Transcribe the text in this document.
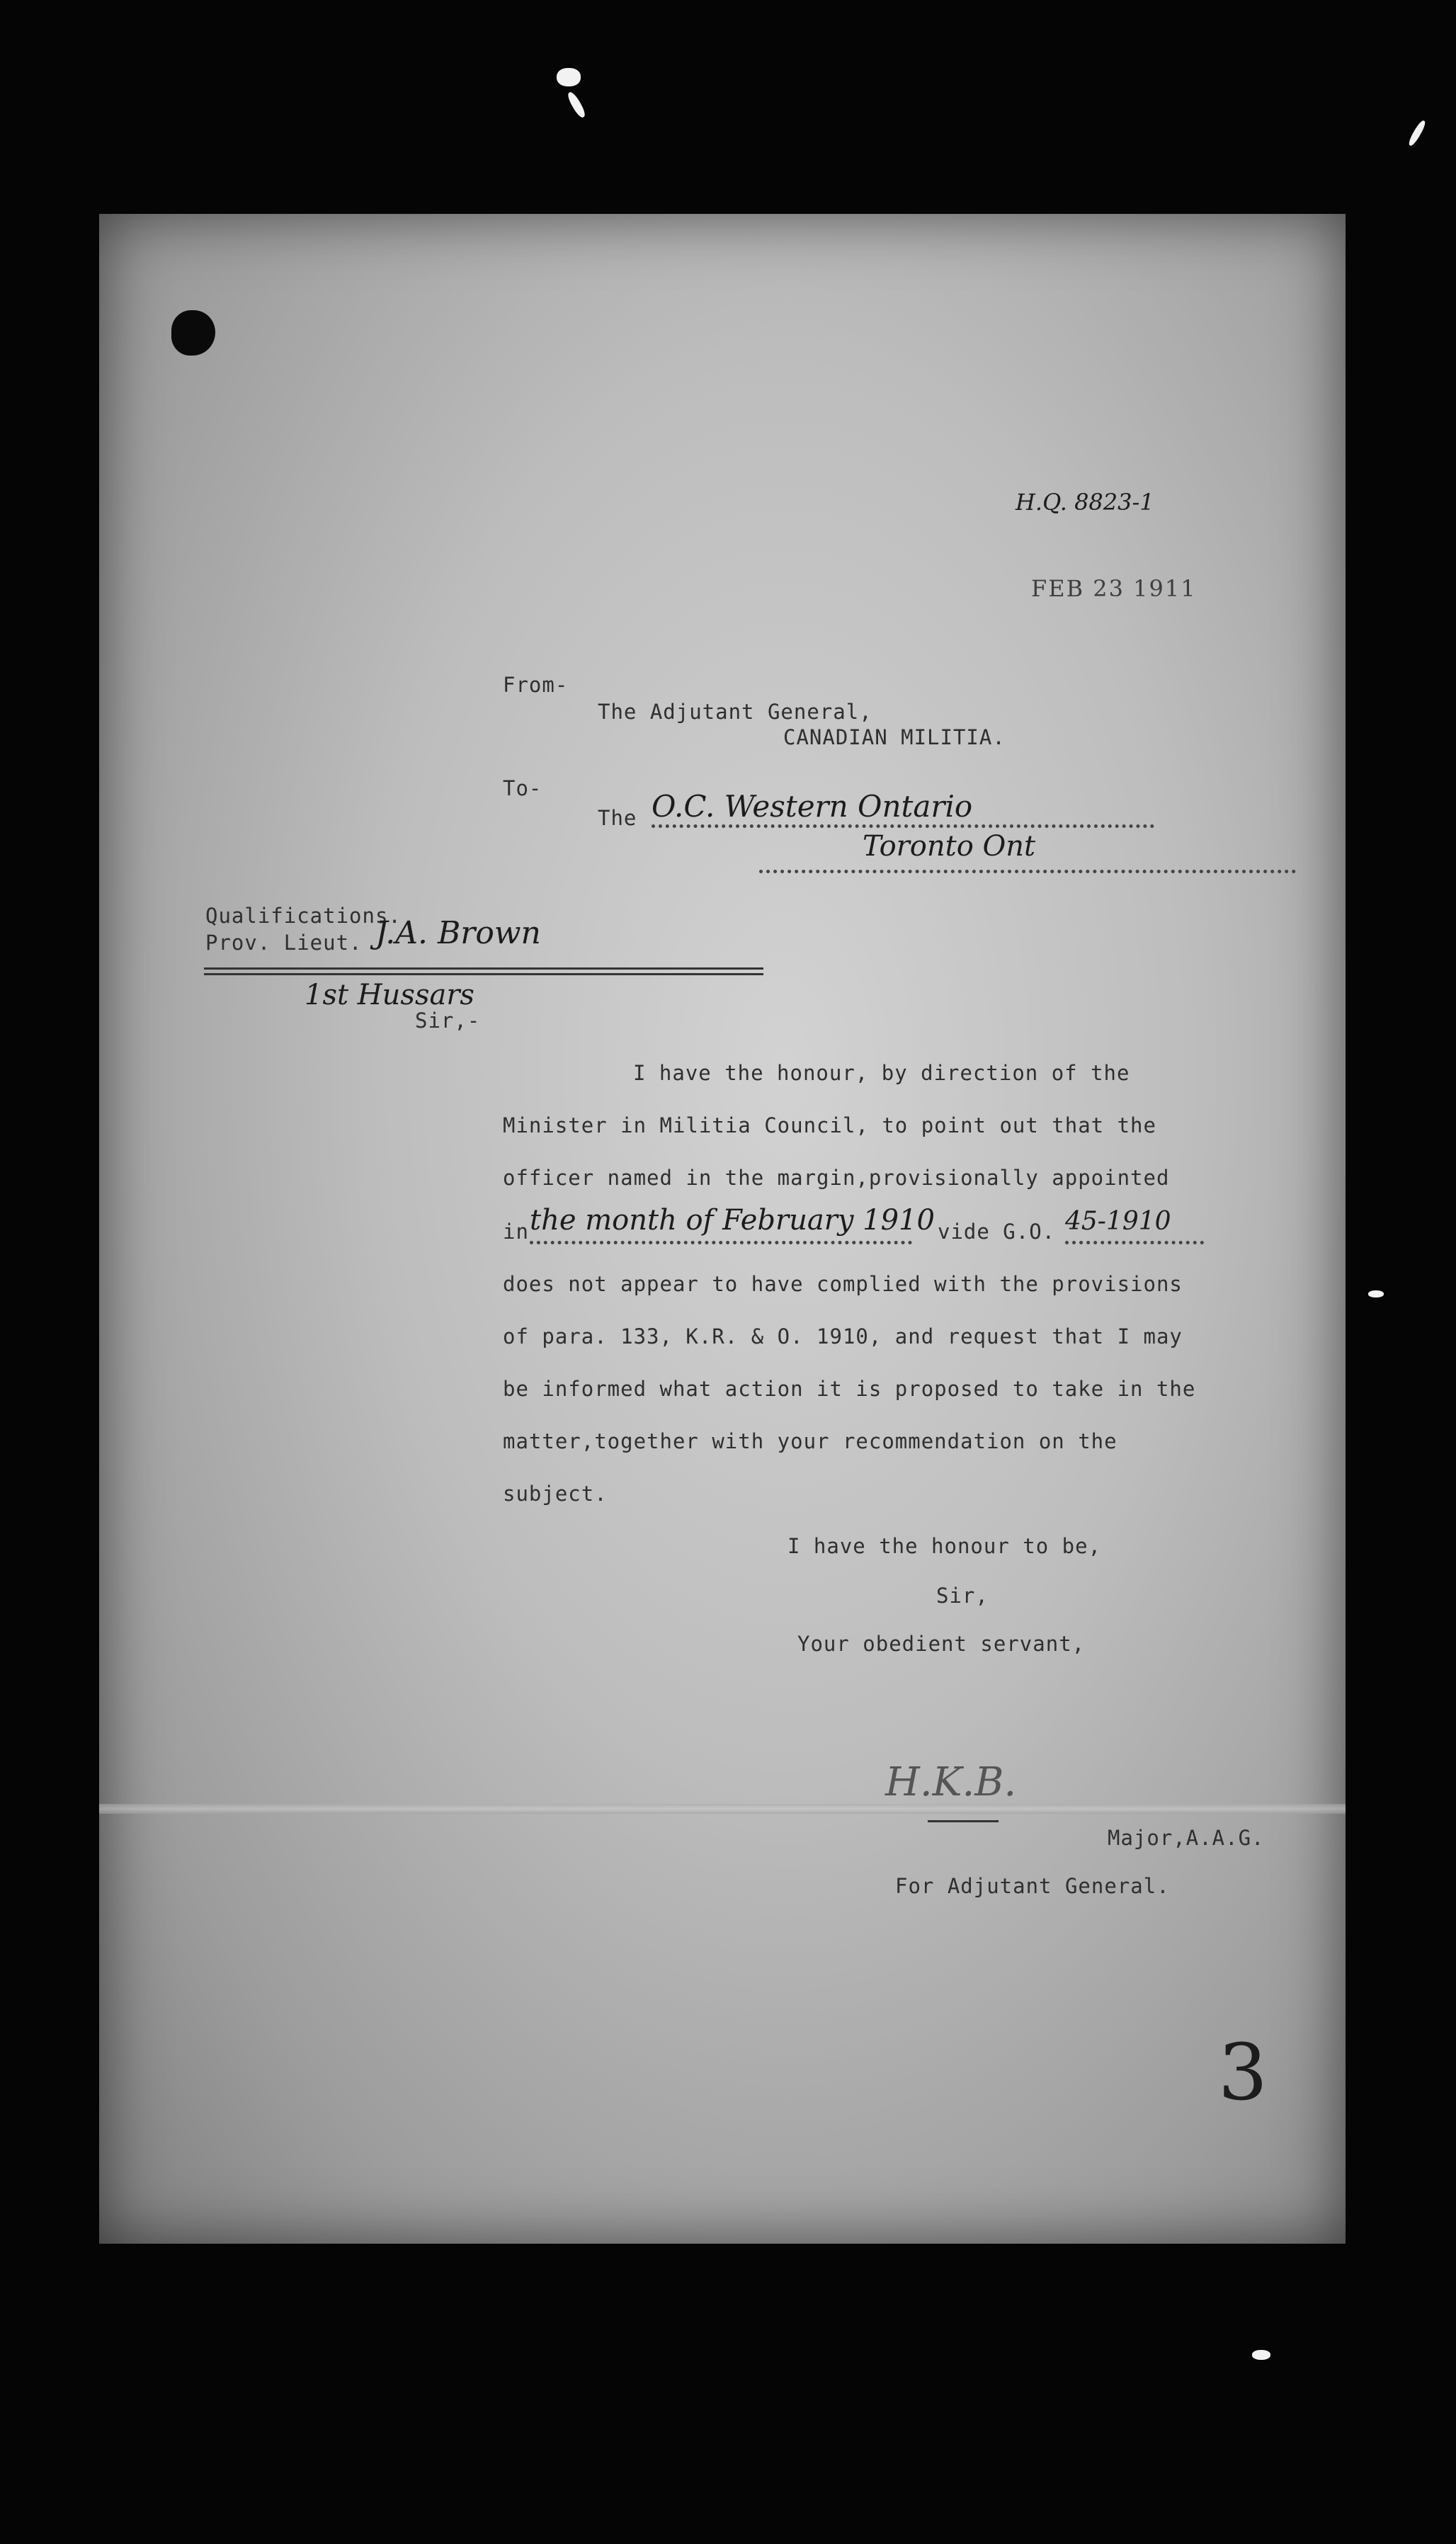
H.Q. 8823-1
FEB 23 1911
From-
The Adjutant General,
CANADIAN MILITIA.
To-
The O.C. Western Ontario
Toronto Ont
Qualifications.
Prov. Lieut. J.A. Brown
1st Hussars
Sir,-
I have the honour, by direction of the
Minister in Militia Council, to point out that the
officer named in the margin,provisionally appointed
in the month of February 1910 vide G.O. 45-1910
does not appear to have complied with the provisions
of para. 133, K.R. & O. 1910, and request that I may
be informed what action it is proposed to take in the
matter,together with your recommendation on the
subject.
I have the honour to be,
Sir,
Your obedient servant,
H.K.B.
Major,A.A.G.
For Adjutant General.
3
